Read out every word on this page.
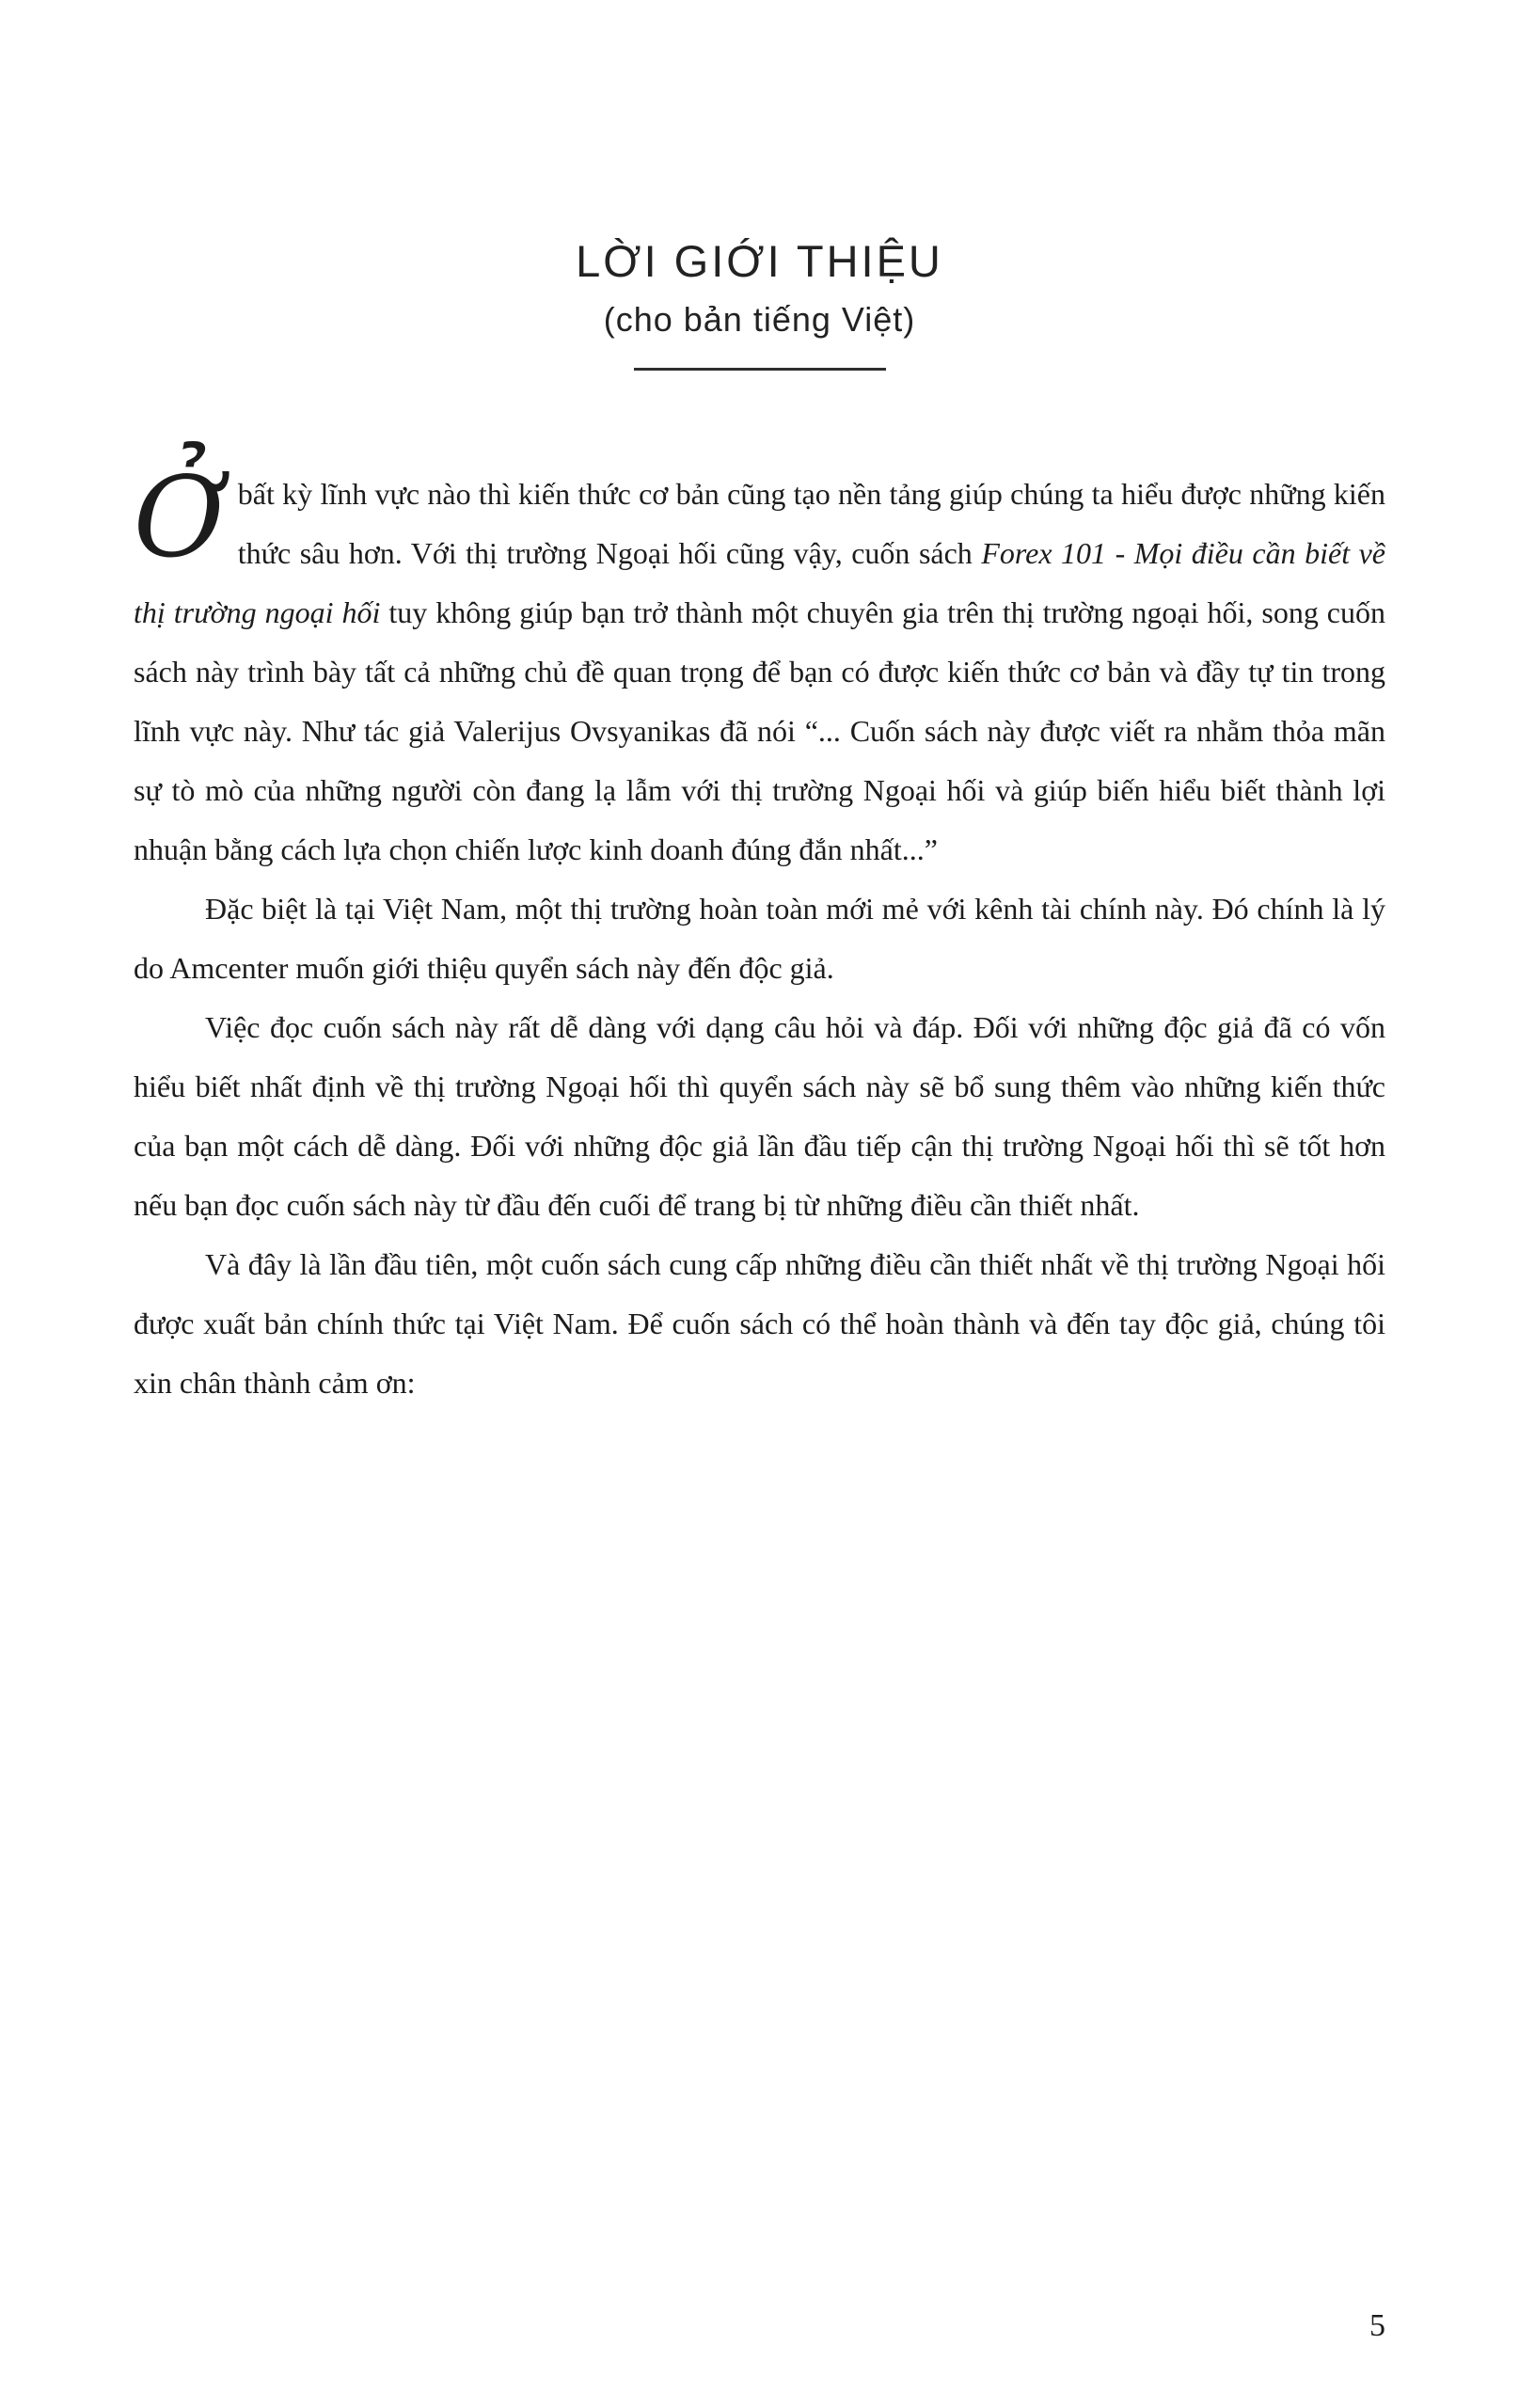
LỜI GIỚI THIỆU
(cho bản tiếng Việt)

Ởbất kỳ lĩnh vực nào thì kiến thức cơ bản cũng tạo nền tảng giúp chúng ta hiểu được những kiến thức sâu hơn. Với thị trường Ngoại hối cũng vậy, cuốn sách Forex 101 - Mọi điều cần biết về thị trường ngoại hối tuy không giúp bạn trở thành một chuyên gia trên thị trường ngoại hối, song cuốn sách này trình bày tất cả những chủ đề quan trọng để bạn có được kiến thức cơ bản và đầy tự tin trong lĩnh vực này. Như tác giả Valerijus Ovsyanikas đã nói “... Cuốn sách này được viết ra nhằm thỏa mãn sự tò mò của những người còn đang lạ lẫm với thị trường Ngoại hối và giúp biến hiểu biết thành lợi nhuận bằng cách lựa chọn chiến lược kinh doanh đúng đắn nhất...”

Đặc biệt là tại Việt Nam, một thị trường hoàn toàn mới mẻ với kênh tài chính này. Đó chính là lý do Amcenter muốn giới thiệu quyển sách này đến độc giả.

Việc đọc cuốn sách này rất dễ dàng với dạng câu hỏi và đáp. Đối với những độc giả đã có vốn hiểu biết nhất định về thị trường Ngoại hối thì quyển sách này sẽ bổ sung thêm vào những kiến thức của bạn một cách dễ dàng. Đối với những độc giả lần đầu tiếp cận thị trường Ngoại hối thì sẽ tốt hơn nếu bạn đọc cuốn sách này từ đầu đến cuối để trang bị từ những điều cần thiết nhất.

Và đây là lần đầu tiên, một cuốn sách cung cấp những điều cần thiết nhất về thị trường Ngoại hối được xuất bản chính thức tại Việt Nam. Để cuốn sách có thể hoàn thành và đến tay độc giả, chúng tôi xin chân thành cảm ơn:

5
